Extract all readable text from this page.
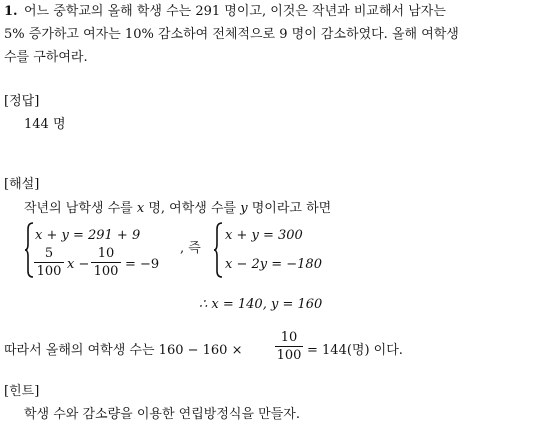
1. 어느 중학교의 올해 학생 수는 291 명이고, 이것은 작년과 비교해서 남자는
5% 증가하고 여자는 10% 감소하여 전체적으로 9 명이 감소하였다. 올해 여학생
수를 구하여라.
[정답]
144 명
[해설]
작년의 남학생 수를 x 명, 여학생 수를 y 명이라고 하면
x + y = 291 + 9
$\frac{5}{100}$ $x - \frac{10}{100} = -9$
, 즉
x + y = 300
x − 2y = −180
∴ x = 140, y = 160
따라서 올해의 여학생 수는 160 − 160 ×	$\frac{10}{100} = 144$(명) 이다.
[힌트]
학생 수와 감소량을 이용한 연립방정식을 만들자.
